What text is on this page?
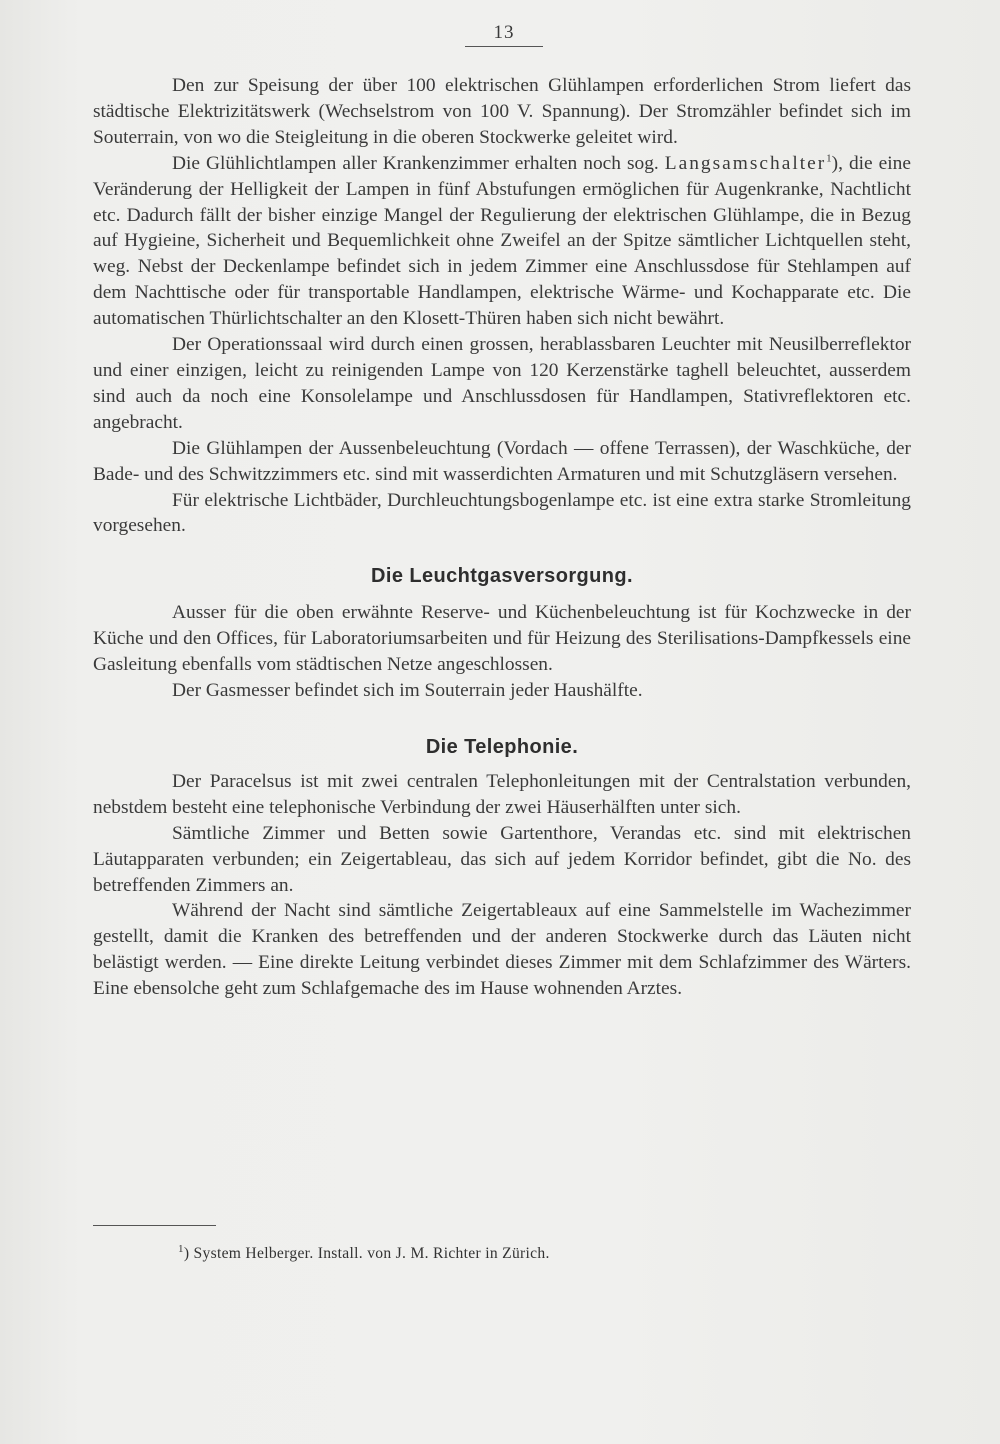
13

Den zur Speisung der über 100 elektrischen Glühlampen erforderlichen Strom liefert das städtische Elektrizitätswerk (Wechselstrom von 100 V. Spannung). Der Stromzähler befindet sich im Souterrain, von wo die Steigleitung in die oberen Stockwerke geleitet wird.

Die Glühlichtlampen aller Krankenzimmer erhalten noch sog. Langsamschalter$^1$), die eine Veränderung der Helligkeit der Lampen in fünf Abstufungen ermöglichen für Augenkranke, Nachtlicht etc. Dadurch fällt der bisher einzige Mangel der Regulierung der elektrischen Glühlampe, die in Bezug auf Hygieine, Sicherheit und Bequemlichkeit ohne Zweifel an der Spitze sämtlicher Lichtquellen steht, weg. Nebst der Deckenlampe befindet sich in jedem Zimmer eine Anschlussdose für Stehlampen auf dem Nachttische oder für transportable Handlampen, elektrische Wärme- und Kochapparate etc. Die automatischen Thürlichtschalter an den Klosett-Thüren haben sich nicht bewährt.

Der Operationssaal wird durch einen grossen, herablassbaren Leuchter mit Neusilberreflektor und einer einzigen, leicht zu reinigenden Lampe von 120 Kerzenstärke taghell beleuchtet, ausserdem sind auch da noch eine Konsolelampe und Anschlussdosen für Handlampen, Stativreflektoren etc. angebracht.

Die Glühlampen der Aussenbeleuchtung (Vordach — offene Terrassen), der Waschküche, der Bade- und des Schwitzzimmers etc. sind mit wasserdichten Armaturen und mit Schutzgläsern versehen.

Für elektrische Lichtbäder, Durchleuchtungsbogenlampe etc. ist eine extra starke Stromleitung vorgesehen.

Die Leuchtgasversorgung.

Ausser für die oben erwähnte Reserve- und Küchenbeleuchtung ist für Kochzwecke in der Küche und den Offices, für Laboratoriumsarbeiten und für Heizung des Sterilisations-Dampfkessels eine Gasleitung ebenfalls vom städtischen Netze angeschlossen.

Der Gasmesser befindet sich im Souterrain jeder Haushälfte.

Die Telephonie.

Der Paracelsus ist mit zwei centralen Telephonleitungen mit der Centralstation verbunden, nebstdem besteht eine telephonische Verbindung der zwei Häuserhälften unter sich.

Sämtliche Zimmer und Betten sowie Gartenthore, Verandas etc. sind mit elektrischen Läutapparaten verbunden; ein Zeigertableau, das sich auf jedem Korridor befindet, gibt die No. des betreffenden Zimmers an.

Während der Nacht sind sämtliche Zeigertableaux auf eine Sammelstelle im Wachezimmer gestellt, damit die Kranken des betreffenden und der anderen Stockwerke durch das Läuten nicht belästigt werden. — Eine direkte Leitung verbindet dieses Zimmer mit dem Schlafzimmer des Wärters. Eine ebensolche geht zum Schlafgemache des im Hause wohnenden Arztes.

$^1$) System Helberger. Install. von J. M. Richter in Zürich.
